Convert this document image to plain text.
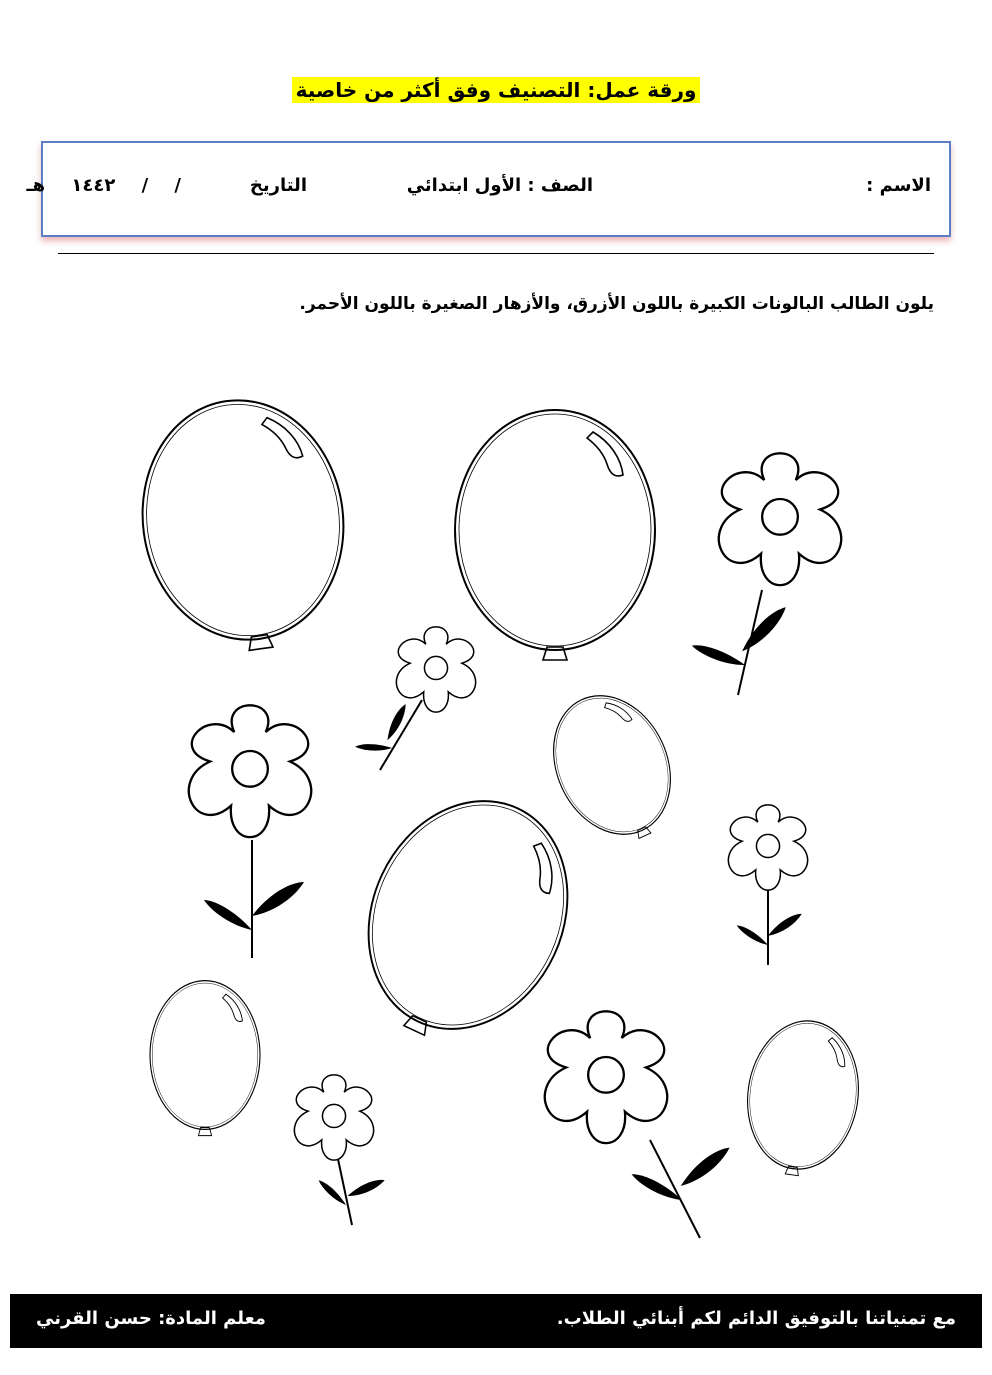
ورقة عمل: التصنيف وفق أكثر من خاصية
الاسم :
الصف : الأول ابتدائي
التاريخ
/ / ١٤٤٢ هـ
يلون الطالب البالونات الكبيرة باللون الأزرق، والأزهار الصغيرة باللون الأحمر.
مع تمنياتنا بالتوفيق الدائم لكم أبنائي الطلاب.
معلم المادة: حسن القرني
